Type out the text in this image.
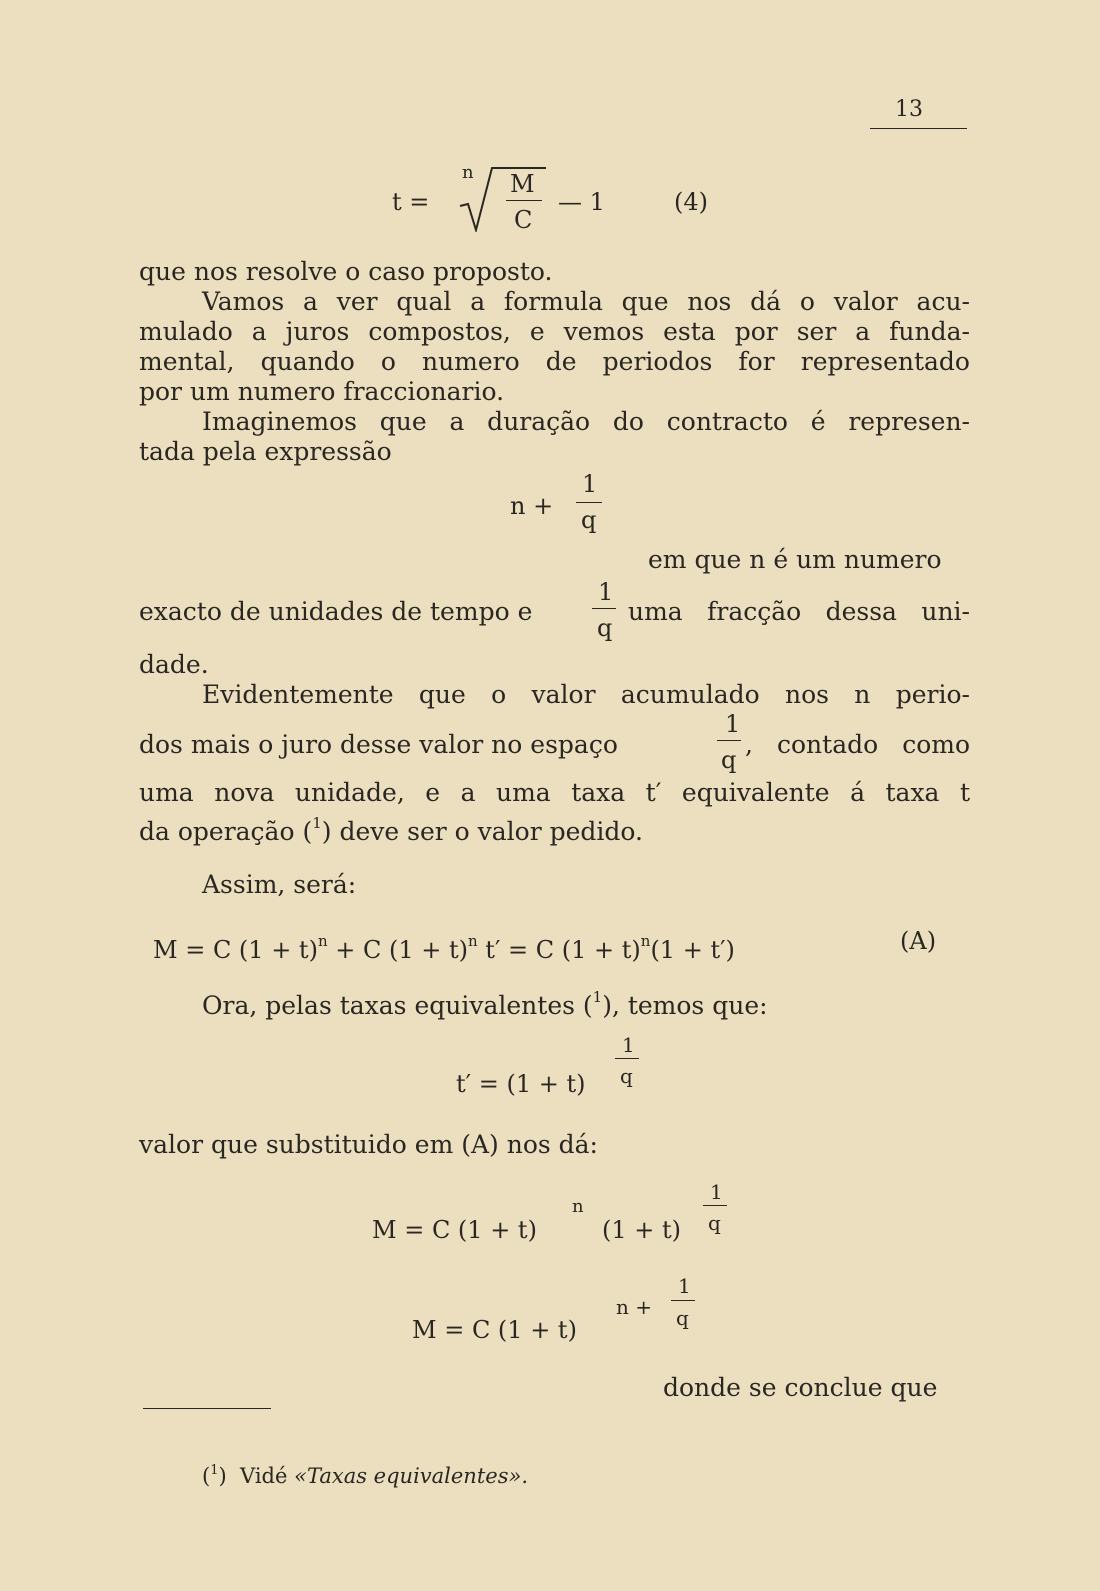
13
t =
n M
C
— 1	(4)
que nos resolve o caso proposto.
Vamos a ver qual a formula que nos dá o valor acu-
mulado a juros compostos, e vemos esta por ser a funda-
mental, quando o numero de periodos for representado
por um numero fraccionario.
Imaginemos que a duração do contracto é represen-
tada pela expressão
n +
1
q
em que n é um numero
exacto de unidades de tempo e
1
q
uma fracção dessa uni-
dade.
Evidentemente que o valor acumulado nos n perio-
dos mais o juro desse valor no espaço
1
q
, contado como
uma nova unidade, e a uma taxa t′ equivalente á taxa t
da operação ($^1$) deve ser o valor pedido.
Assim, será:
M = C $(1 + t)^n + C$ $(1 + t)^n$ t′ = C $(1 + t)^n(1 + t')$	(A)
Ora, pelas taxas equivalentes ($^1$), temos que:
t′ = (1 + t)
1
q
valor que substituido em (A) nos dá:
M = C (1 + t)
n
(1 + t)
1
q
M = C (1 + t)
n +
1
q
donde se conclue que
($^1$)  Vidé «Taxas equivalentes».
